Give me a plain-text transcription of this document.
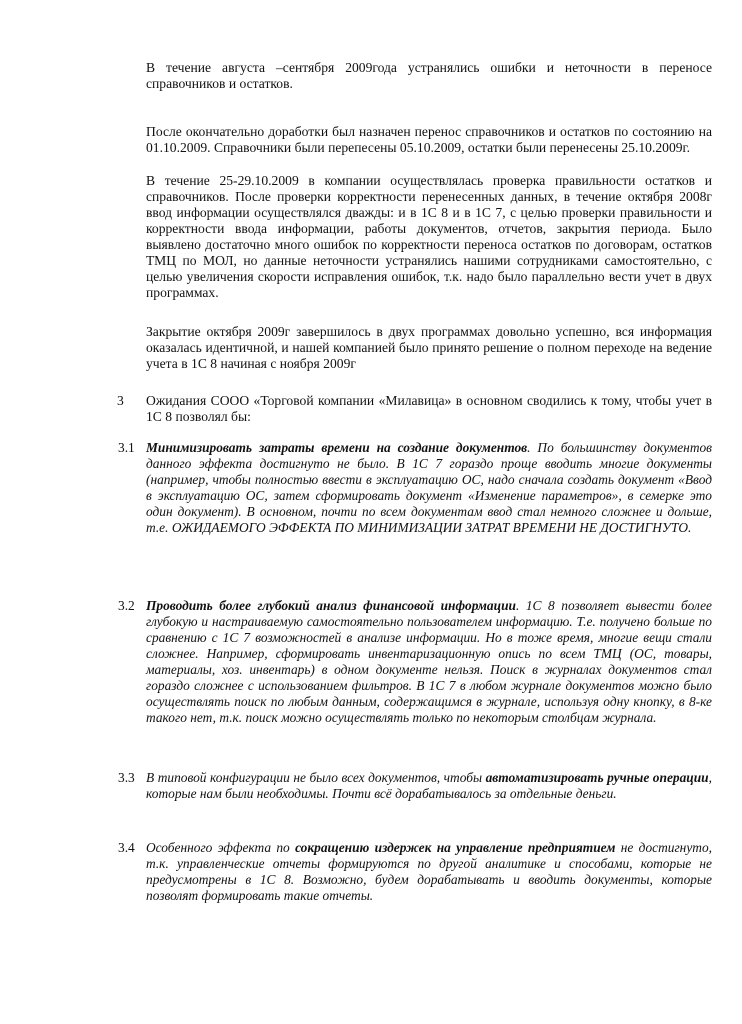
В течение августа –сентября 2009года устранялись ошибки и неточности в переносе справочников и остатков.

После окончательно доработки был назначен перенос справочников и остатков по состоянию на 01.10.2009. Справочники были перепесены 05.10.2009, остатки были перенесены 25.10.2009г.

В течение 25-29.10.2009 в компании осуществлялась проверка правильности остатков и справочников. После проверки корректности перенесенных данных, в течение октября 2008г ввод информации осуществлялся дважды: и в 1С 8 и в 1С 7, с целью проверки правильности и корректности ввода информации, работы документов, отчетов, закрытия периода. Было выявлено достаточно много ошибок по корректности переноса остатков по договорам, остатков ТМЦ по МОЛ, но данные неточности устранялись нашими сотрудниками самостоятельно, с целью увеличения скорости исправления ошибок, т.к. надо было параллельно вести учет в двух программах.

Закрытие октября 2009г завершилось в двух программах довольно успешно, вся информация оказалась идентичной, и нашей компанией было принято решение о полном переходе на ведение учета в 1С 8 начиная с ноября 2009г

3 Ожидания СООО «Торговой компании «Милавица» в основном сводились к тому, чтобы учет в 1С 8 позволял бы:
3.1 Минимизировать затраты времени на создание документов. По большинству документов данного эффекта достигнуто не было. В 1С 7 гораздо проще вводить многие документы (например, чтобы полностью ввести в эксплуатацию ОС, надо сначала создать документ «Ввод в эксплуатацию ОС, затем сформировать документ «Изменение параметров», в семерке это один документ). В основном, почти по всем документам ввод стал немного сложнее и дольше, т.е. ОЖИДАЕМОГО ЭФФЕКТА ПО МИНИМИЗАЦИИ ЗАТРАТ ВРЕМЕНИ НЕ ДОСТИГНУТО.
3.2 Проводить более глубокий анализ финансовой информации. 1С 8 позволяет вывести более глубокую и настраиваемую самостоятельно пользователем информацию. Т.е. получено больше по сравнению с 1С 7 возможностей в анализе информации. Но в тоже время, многие вещи стали сложнее. Например, сформировать инвентаризационную опись по всем ТМЦ (ОС, товары, материалы, хоз. инвентарь) в одном документе нельзя. Поиск в журналах документов стал гораздо сложнее с использованием фильтров. В 1С 7 в любом журнале документов можно было осуществлять поиск по любым данным, содержащимся в журнале, используя одну кнопку, в 8-ке такого нет, т.к. поиск можно осуществлять только по некоторым столбцам журнала.
3.3 В типовой конфигурации не было всех документов, чтобы автоматизировать ручные операции, которые нам были необходимы. Почти всё дорабатывалось за отдельные деньги.
3.4 Особенного эффекта по сокращению издержек на управление предприятием не достигнуто, т.к. управленческие отчеты формируются по другой аналитике и способами, которые не предусмотрены в 1С 8. Возможно, будем дорабатывать и вводить документы, которые позволят формировать такие отчеты.
